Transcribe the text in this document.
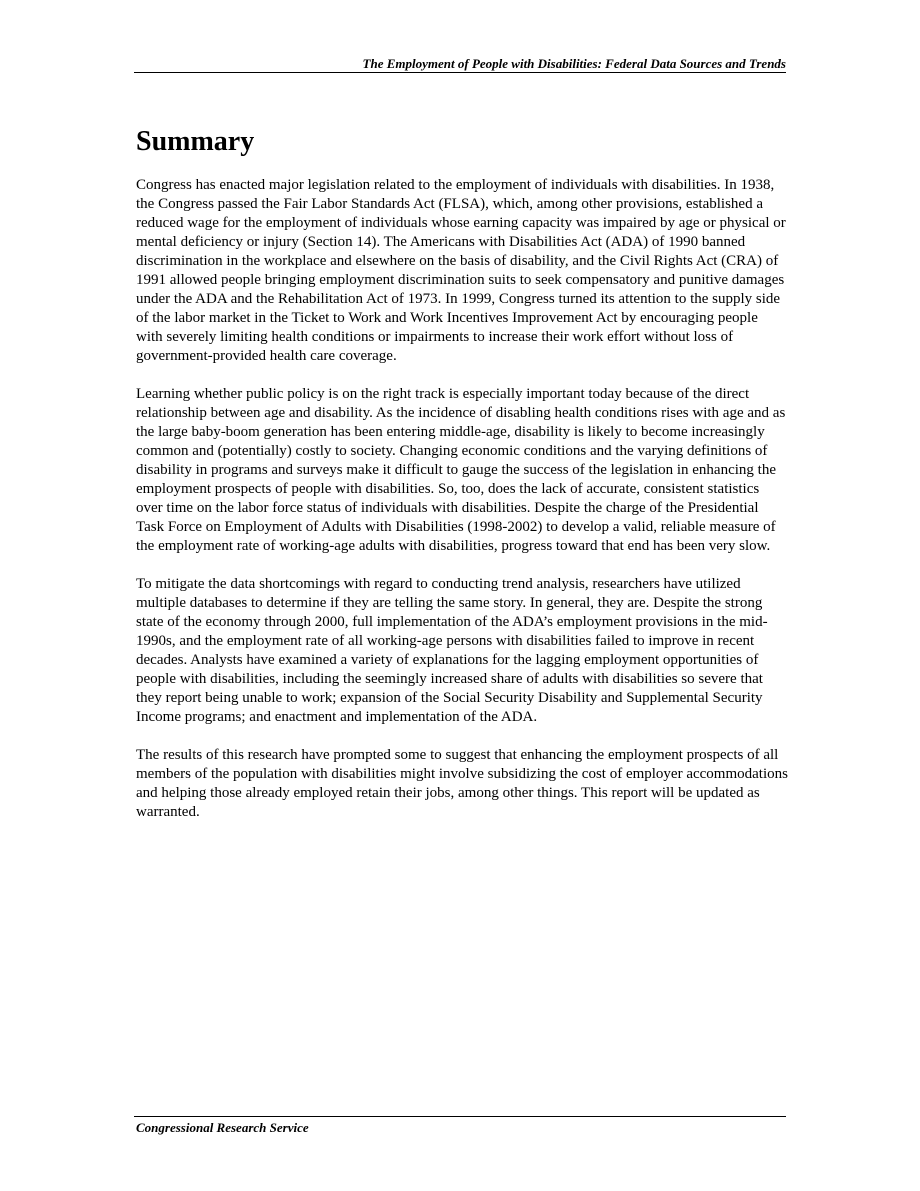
The Employment of People with Disabilities: Federal Data Sources and Trends
Summary

Congress has enacted major legislation related to the employment of individuals with disabilities. In 1938, the Congress passed the Fair Labor Standards Act (FLSA), which, among other provisions, established a reduced wage for the employment of individuals whose earning capacity was impaired by age or physical or mental deficiency or injury (Section 14). The Americans with Disabilities Act (ADA) of 1990 banned discrimination in the workplace and elsewhere on the basis of disability, and the Civil Rights Act (CRA) of 1991 allowed people bringing employment discrimination suits to seek compensatory and punitive damages under the ADA and the Rehabilitation Act of 1973. In 1999, Congress turned its attention to the supply side of the labor market in the Ticket to Work and Work Incentives Improvement Act by encouraging people with severely limiting health conditions or impairments to increase their work effort without loss of government-provided health care coverage.

Learning whether public policy is on the right track is especially important today because of the direct relationship between age and disability. As the incidence of disabling health conditions rises with age and as the large baby-boom generation has been entering middle-age, disability is likely to become increasingly common and (potentially) costly to society. Changing economic conditions and the varying definitions of disability in programs and surveys make it difficult to gauge the success of the legislation in enhancing the employment prospects of people with disabilities. So, too, does the lack of accurate, consistent statistics over time on the labor force status of individuals with disabilities. Despite the charge of the Presidential Task Force on Employment of Adults with Disabilities (1998-2002) to develop a valid, reliable measure of the employment rate of working-age adults with disabilities, progress toward that end has been very slow.

To mitigate the data shortcomings with regard to conducting trend analysis, researchers have utilized multiple databases to determine if they are telling the same story. In general, they are. Despite the strong state of the economy through 2000, full implementation of the ADA’s employment provisions in the mid-1990s, and the employment rate of all working-age persons with disabilities failed to improve in recent decades. Analysts have examined a variety of explanations for the lagging employment opportunities of people with disabilities, including the seemingly increased share of adults with disabilities so severe that they report being unable to work; expansion of the Social Security Disability and Supplemental Security Income programs; and enactment and implementation of the ADA.

The results of this research have prompted some to suggest that enhancing the employment prospects of all members of the population with disabilities might involve subsidizing the cost of employer accommodations and helping those already employed retain their jobs, among other things. This report will be updated as warranted.

Congressional Research Service
